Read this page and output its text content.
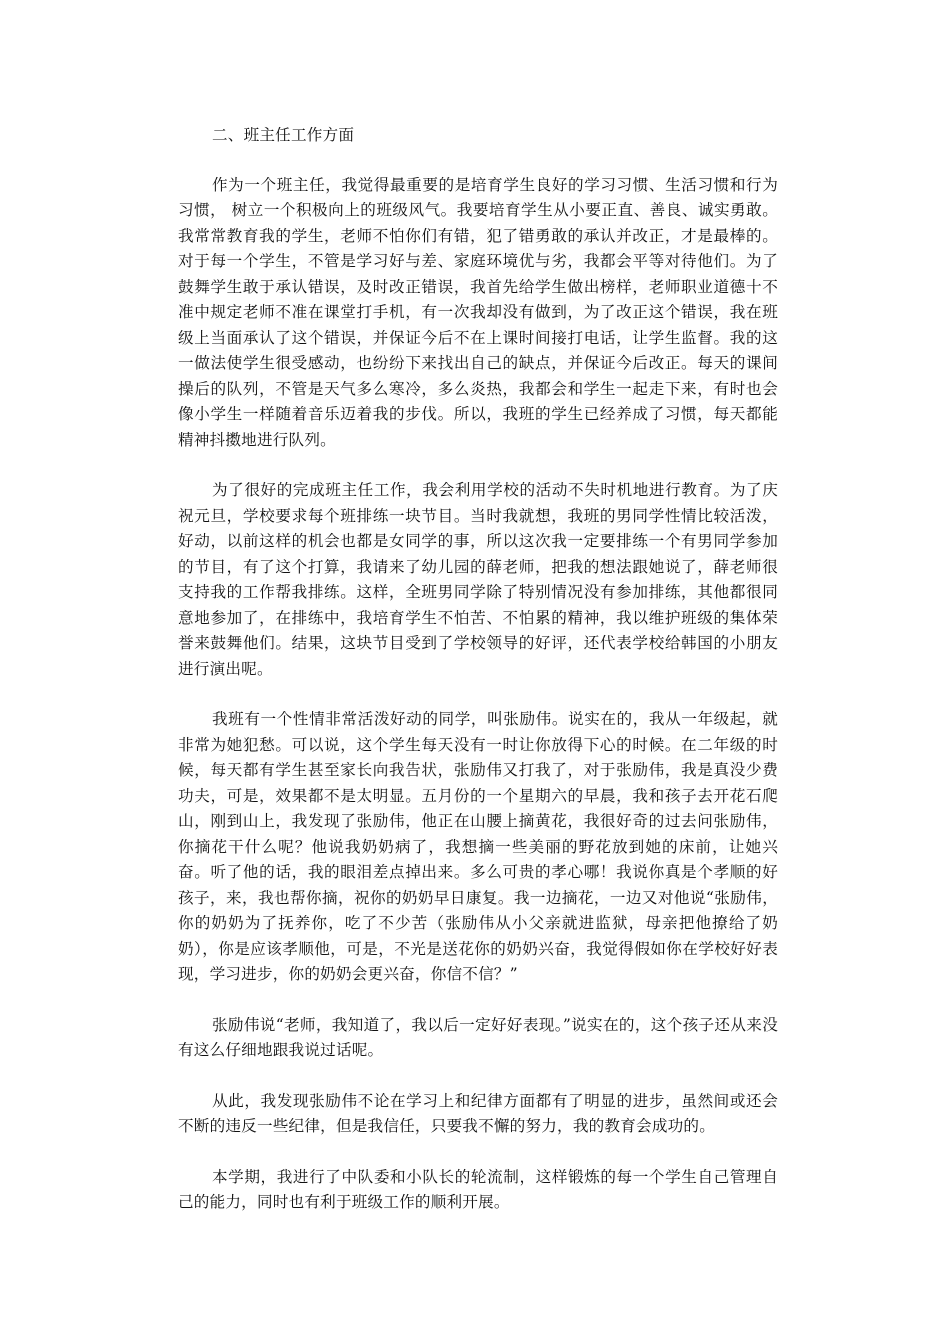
二、班主任工作方面

作为一个班主任，我觉得最重要的是培育学生良好的学习习惯、生活习惯和行为习惯， 树立一个积极向上的班级风气。我要培育学生从小要正直、善良、诚实勇敢。我常常教育我的学生，老师不怕你们有错，犯了错勇敢的承认并改正，才是最棒的。对于每一个学生，不管是学习好与差、家庭环境优与劣，我都会平等对待他们。为了鼓舞学生敢于承认错误，及时改正错误，我首先给学生做出榜样，老师职业道德十不准中规定老师不准在课堂打手机，有一次我却没有做到，为了改正这个错误，我在班 级上当面承认了这个错误，并保证今后不在上课时间接打电话，让学生监督。我的这一做法使学生很受感动，也纷纷下来找出自己的缺点，并保证今后改正。每天的课间操后的队列，不管是天气多么寒冷，多么炎热，我都会和学生一起走下来，有时也会像小学生一样随着音乐迈着我的步伐。所以，我班的学生已经养成了习惯，每天都能精神抖擞地进行队列。

为了很好的完成班主任工作，我会利用学校的活动不失时机地进行教育。为了庆祝元旦，学校要求每个班排练一块节目。当时我就想，我班的男同学性情比较活泼，好动，以前这样的机会也都是女同学的事，所以这次我一定要排练一个有男同学参加的节目，有了这个打算，我请来了幼儿园的薛老师，把我的想法跟她说了，薛老师很支持我的工作帮我排练。这样，全班男同学除了特别情况没有参加排练，其他都很同意地参加了，在排练中，我培育学生不怕苦、不怕累的精神，我以维护班级的集体荣誉来鼓舞他们。结果，这块节目受到了学校领导的好评，还代表学校给韩国的小朋友进行演出呢。

我班有一个性情非常活泼好动的同学，叫张励伟。说实在的，我从一年级起，就非常为她犯愁。可以说，这个学生每天没有一时让你放得下心的时候。在二年级的时候，每天都有学生甚至家长向我告状，张励伟又打我了，对于张励伟，我是真没少费功夫，可是，效果都不是太明显。五月份的一个星期六的早晨，我和孩子去开花石爬山，刚到山上，我发现了张励伟，他正在山腰上摘黄花，我很好奇的过去问张励伟，你摘花干什么呢？他说我奶奶病了，我想摘一些美丽的野花放到她的床前，让她兴奋。听了他的话，我的眼泪差点掉出来。多么可贵的孝心哪！我说你真是个孝顺的好孩子，来，我也帮你摘，祝你的奶奶早日康复。我一边摘花，一边又对他说“张励伟，你的奶奶为了抚养你，吃了不少苦（张励伟从小父亲就进监狱，母亲把他撩给了奶奶），你是应该孝顺他，可是，不光是送花你的奶奶兴奋，我觉得假如你在学校好好表现，学习进步，你的奶奶会更兴奋，你信不信？”

张励伟说“老师，我知道了，我以后一定好好表现。”说实在的，这个孩子还从来没有这么仔细地跟我说过话呢。

从此，我发现张励伟不论在学习上和纪律方面都有了明显的进步，虽然间或还会不断的违反一些纪律，但是我信任，只要我不懈的努力，我的教育会成功的。

本学期，我进行了中队委和小队长的轮流制，这样锻炼的每一个学生自己管理自己的能力，同时也有利于班级工作的顺利开展。
